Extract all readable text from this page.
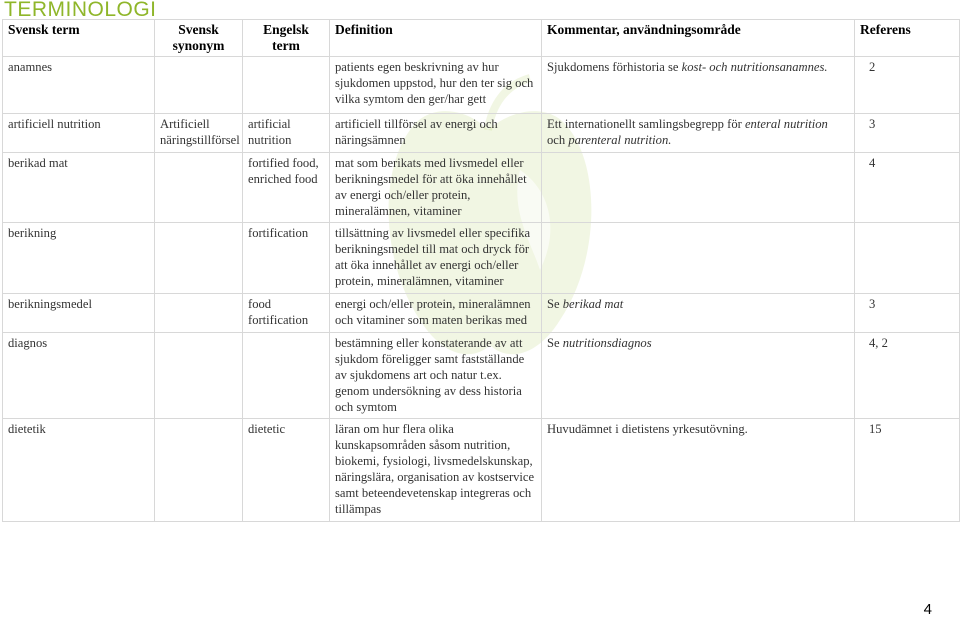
TERMINOLOGI
Svensk term	Svensk synonym	Engelsk term	Definition	Kommentar, användningsområde	Referens
anamnes			patients egen beskrivning av hur sjukdomen uppstod, hur den ter sig och vilka symtom den ger/har gett	Sjukdomens förhistoria se kost- och nutritionsanamnes.	2
artificiell nutrition	Artificiell näringstillförsel	artificial nutrition	artificiell tillförsel av energi och näringsämnen	Ett internationellt samlingsbegrepp för enteral nutrition och parenteral nutrition.	3
berikad mat		fortified food, enriched food	mat som berikats med livsmedel eller berikningsmedel för att öka innehållet av energi och/eller protein, mineralämnen, vitaminer		4
berikning		fortification	tillsättning av livsmedel eller specifika berikningsmedel till mat och dryck för att öka innehållet av energi och/eller protein, mineralämnen, vitaminer		
berikningsmedel		food fortification	energi och/eller protein, mineralämnen och vitaminer som maten berikas med	Se berikad mat	3
diagnos			bestämning eller konstaterande av att sjukdom föreligger samt fastställande av sjukdomens art och natur t.ex. genom undersökning av dess historia och symtom	Se nutritionsdiagnos	4, 2
dietetik		dietetic	läran om hur flera olika kunskapsområden såsom nutrition, biokemi, fysiologi, livsmedelskunskap, näringslära, organisation av kostservice samt beteendevetenskap integreras och tillämpas	Huvudämnet i dietistens yrkesutövning.	15
4
